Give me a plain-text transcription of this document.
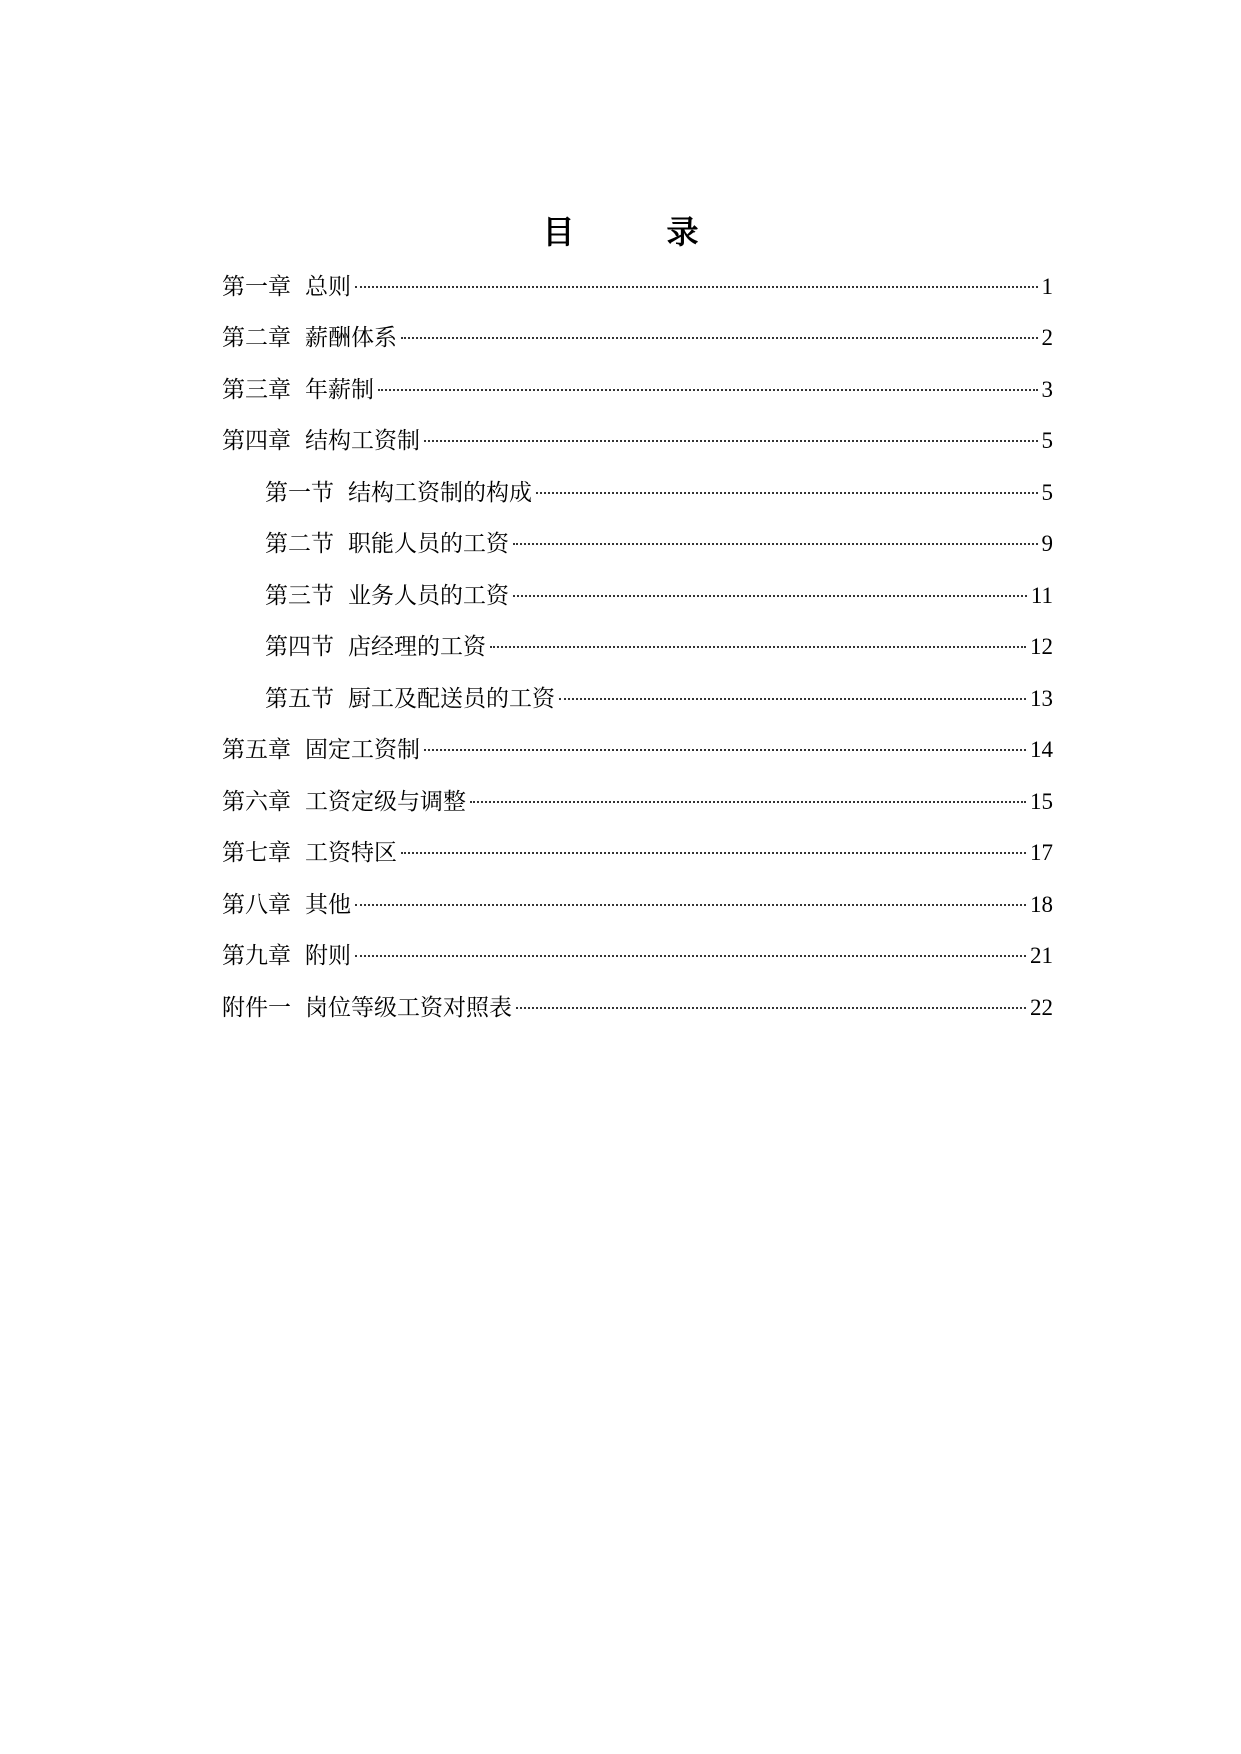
目　录
第一章 总则	1
第二章 薪酬体系	2
第三章 年薪制	3
第四章 结构工资制	5
第一节 结构工资制的构成	5
第二节 职能人员的工资	9
第三节 业务人员的工资	11
第四节 店经理的工资	12
第五节 厨工及配送员的工资	13
第五章 固定工资制	14
第六章 工资定级与调整	15
第七章 工资特区	17
第八章 其他	18
第九章 附则	21
附件一 岗位等级工资对照表	22
